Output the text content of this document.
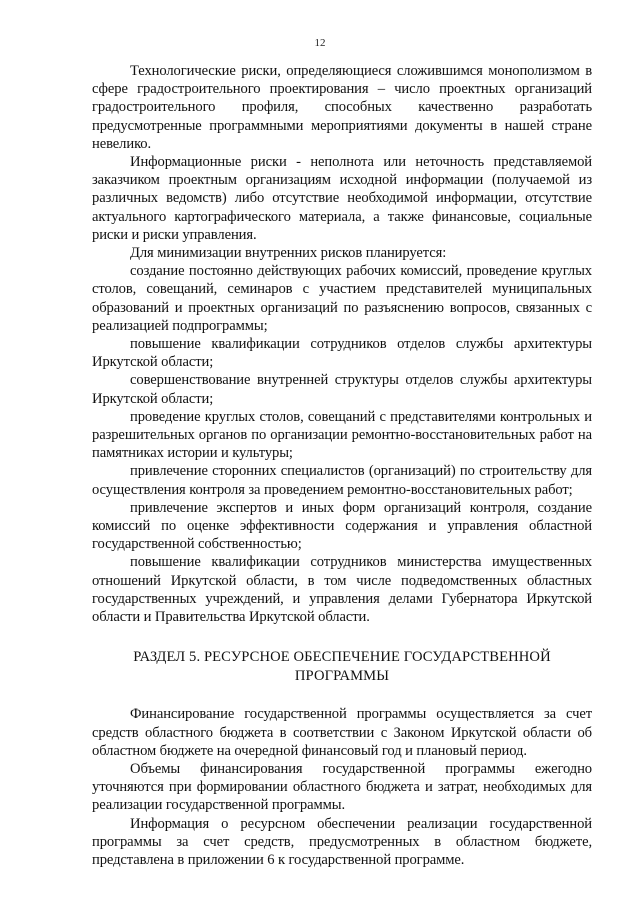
12

Технологические риски, определяющиеся сложившимся монополизмом в сфере градостроительного проектирования – число проектных организаций градостроительного профиля, способных качественно разработать предусмотренные программными мероприятиями документы в нашей стране невелико.

Информационные риски - неполнота или неточность представляемой заказчиком проектным организациям исходной информации (получаемой из различных ведомств) либо отсутствие необходимой информации, отсутствие актуального картографического материала, а также финансовые, социальные риски и риски управления.

Для минимизации внутренних рисков планируется:

создание постоянно действующих рабочих комиссий, проведение круглых столов, совещаний, семинаров с участием представителей муниципальных образований и проектных организаций по разъяснению вопросов, связанных с реализацией подпрограммы;

повышение квалификации сотрудников отделов службы архитектуры Иркутской области;

совершенствование внутренней структуры отделов службы архитектуры Иркутской области;

проведение круглых столов, совещаний с представителями контрольных и разрешительных органов по организации ремонтно-восстановительных работ на памятниках истории и культуры;

привлечение сторонних специалистов (организаций) по строительству для осуществления контроля за проведением ремонтно-восстановительных работ;

привлечение экспертов и иных форм организаций контроля, создание комиссий по оценке эффективности содержания и управления областной государственной собственностью;

повышение квалификации сотрудников министерства имущественных отношений Иркутской области, в том числе подведомственных областных государственных учреждений, и управления делами Губернатора Иркутской области и Правительства Иркутской области.

РАЗДЕЛ 5. РЕСУРСНОЕ ОБЕСПЕЧЕНИЕ ГОСУДАРСТВЕННОЙ
ПРОГРАММЫ

Финансирование государственной программы осуществляется за счет средств областного бюджета в соответствии с Законом Иркутской области об областном бюджете на очередной финансовый год и плановый период.

Объемы финансирования государственной программы ежегодно уточняются при формировании областного бюджета и затрат, необходимых для реализации государственной программы.

Информация о ресурсном обеспечении реализации государственной программы за счет средств, предусмотренных в областном бюджете, представлена в приложении 6 к государственной программе.
